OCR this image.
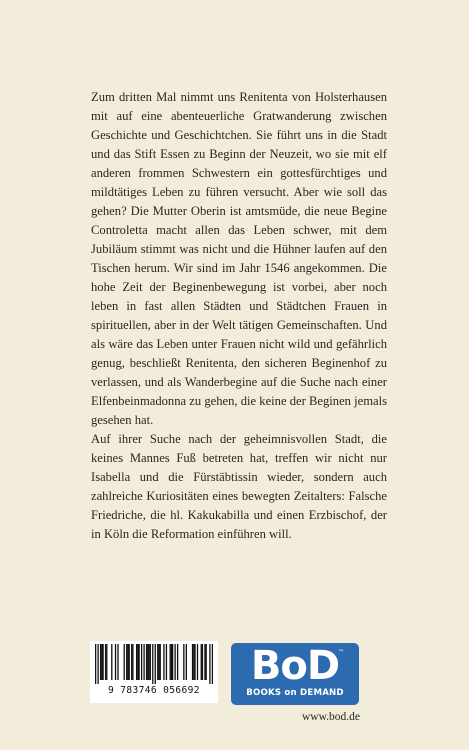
Zum dritten Mal nimmt uns Renitenta von Holsterhausen mit auf eine abenteuerliche Gratwanderung zwischen Geschichte und Geschichtchen. Sie führt uns in die Stadt und das Stift Essen zu Beginn der Neuzeit, wo sie mit elf anderen frommen Schwestern ein gottesfürchtiges und mildtätiges Leben zu führen versucht. Aber wie soll das gehen? Die Mutter Oberin ist amtsmüde, die neue Begine Controletta macht allen das Leben schwer, mit dem Jubiläum stimmt was nicht und die Hühner laufen auf den Tischen herum. Wir sind im Jahr 1546 angekommen. Die hohe Zeit der Beginenbewegung ist vorbei, aber noch leben in fast allen Städten und Städtchen Frauen in spirituellen, aber in der Welt tätigen Gemeinschaften. Und als wäre das Leben unter Frauen nicht wild und gefährlich genug, beschließt Renitenta, den sicheren Beginenhof zu verlassen, und als Wanderbegine auf die Suche nach einer Elfenbeinmadonna zu gehen, die keine der Beginen jemals gesehen hat.

Auf ihrer Suche nach der geheimnisvollen Stadt, die keines Mannes Fuß betreten hat, treffen wir nicht nur Isabella und die Fürstäbtissin wieder, sondern auch zahlreiche Kuriositäten eines bewegten Zeitalters: Falsche Friedriche, die hl. Kakukabilla und einen Erzbischof, der in Köln die Reformation einführen will.

9 783746 056692
BoD
™
BOOKS on DEMAND
www.bod.de
